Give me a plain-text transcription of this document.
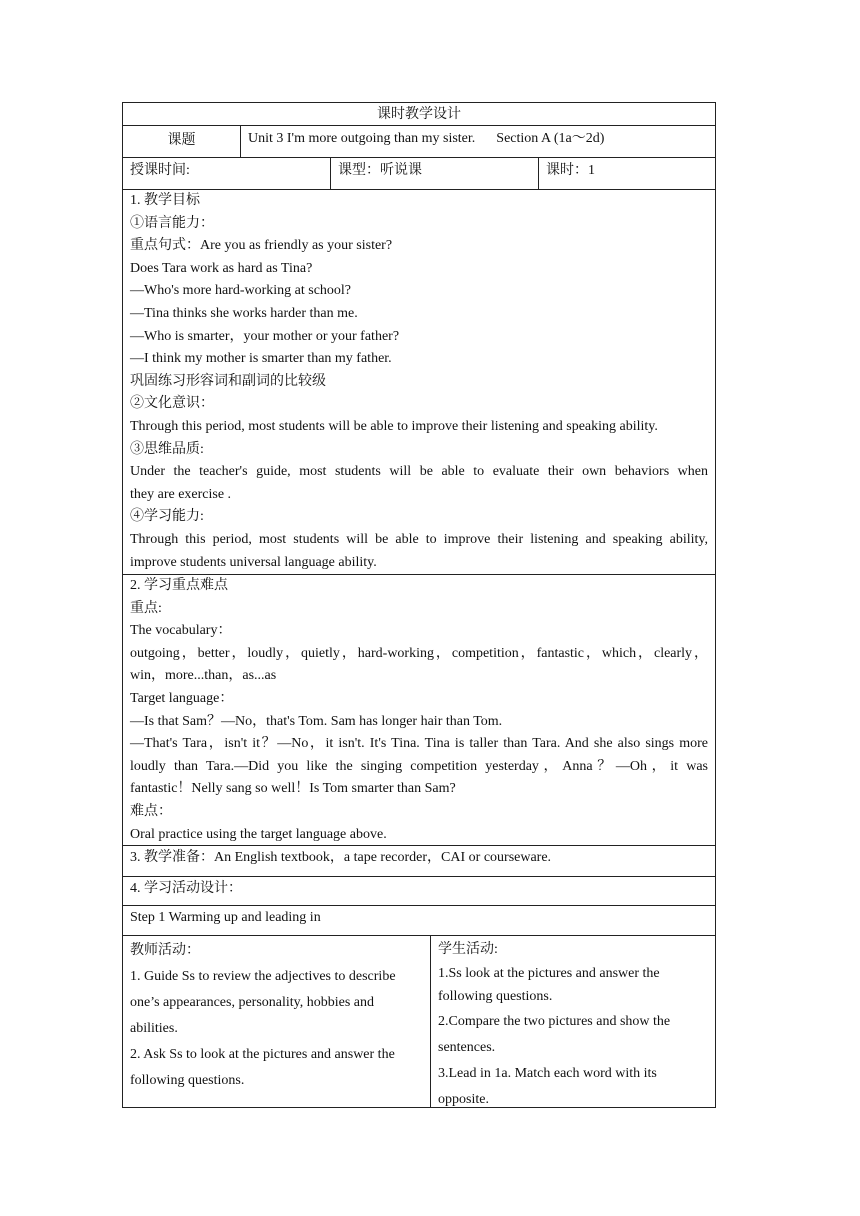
课时教学设计
课题	Unit 3 I'm more outgoing than my sister.      Section A (1a～2d)
授课时间:	课型：听说课	课时：1
1. 教学目标
①语言能力：
重点句式：Are you as friendly as your sister?
Does Tara work as hard as Tina?
—Who's more hard-working at school?
—Tina thinks she works harder than me.
—Who is smarter，your mother or your father?
—I think my mother is smarter than my father.
巩固练习形容词和副词的比较级
②文化意识：
Through this period, most students will be able to improve their listening and speaking ability.
③思维品质:
Under the teacher's guide, most students will be able to evaluate their own behaviors when
they are exercise .
④学习能力:
Through this period, most students will be able to improve their listening and speaking ability,
improve students universal language ability.
2. 学习重点难点
重点:
The vocabulary：
outgoing，better，loudly，quietly，hard-working，competition，fantastic，which，clearly，
win，more...than，as...as
Target language：
—Is that Sam？—No，that's Tom. Sam has longer hair than Tom.
—That's Tara，isn't it？—No，it isn't. It's Tina. Tina is taller than Tara. And she also sings more
loudly than Tara.—Did you like the singing competition yesterday，Anna？—Oh，it was
fantastic！Nelly sang so well！Is Tom smarter than Sam?
难点：
Oral practice using the target language above.
3. 教学准备：An English textbook，a tape recorder，CAI or courseware.
4. 学习活动设计：
Step 1 Warming up and leading in
教师活动：
1. Guide Ss to review the adjectives to describe
one’s appearances, personality, hobbies and
abilities.
2. Ask Ss to look at the pictures and answer the
following questions.
学生活动:
1.Ss look at the pictures and answer the
following questions.
2.Compare the two pictures and show the
sentences.
3.Lead in 1a. Match each word with its
opposite.
